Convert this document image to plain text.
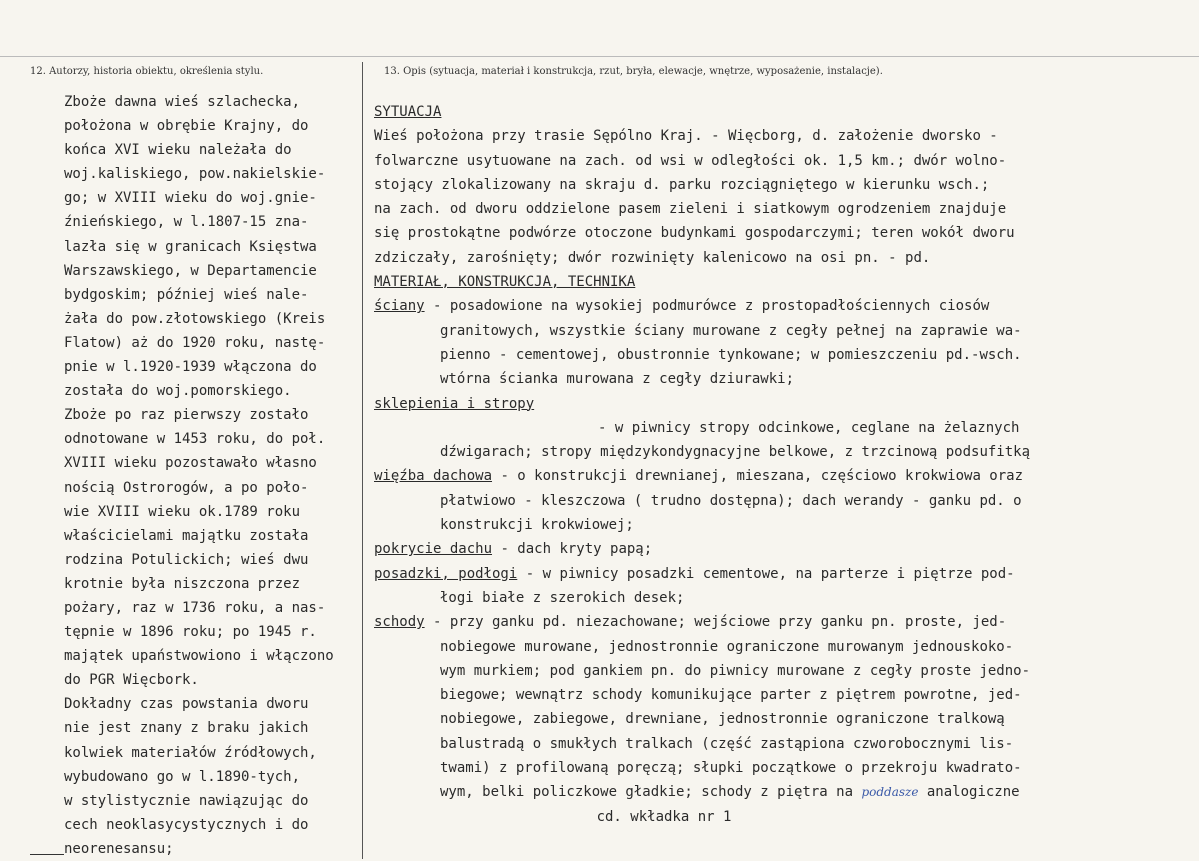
12. Autorzy, historia obiektu, określenia stylu.	13. Opis (sytuacja, materiał i konstrukcja, rzut, bryła, elewacje, wnętrze, wyposażenie, instalacje).
Zboże dawna wieś szlachecka,
położona w obrębie Krajny, do
końca XVI wieku należała do
woj.kaliskiego, pow.nakielskie-
go; w XVIII wieku do woj.gnie-
źnieńskiego, w l.1807-15 zna-
lazła się w granicach Księstwa
Warszawskiego, w Departamencie
bydgoskim; później wieś nale-
żała do pow.złotowskiego (Kreis
Flatow) aż do 1920 roku, nastę-
pnie w l.1920-1939 włączona do
została do woj.pomorskiego.
Zboże po raz pierwszy zostało
odnotowane w 1453 roku, do poł.
XVIII wieku pozostawało własno
nością Ostrorogów, a po poło-
wie XVIII wieku ok.1789 roku
właścicielami majątku została
rodzina Potulickich; wieś dwu
krotnie była niszczona przez
pożary, raz w 1736 roku, a nas-
tępnie w 1896 roku; po 1945 r.
majątek upaństwowiono i włączono
do PGR Więcbork.
Dokładny czas powstania dworu
nie jest znany z braku jakich
kolwiek materiałów źródłowych,
wybudowano go w l.1890-tych,
w stylistycznie nawiązując do
cech neoklasycystycznych i do
neorenesansu;
SYTUACJA
Wieś położona przy trasie Sępólno Kraj. - Więcborg, d. założenie dworsko -
folwarczne usytuowane na zach. od wsi w odległości ok. 1,5 km.; dwór wolno-
stojący zlokalizowany na skraju d. parku rozciągniętego w kierunku wsch.;
na zach. od dworu oddzielone pasem zieleni i siatkowym ogrodzeniem znajduje
się prostokątne podwórze otoczone budynkami gospodarczymi; teren wokół dworu
zdziczały, zarośnięty; dwór rozwinięty kalenicowo na osi pn. - pd.
MATERIAŁ, KONSTRUKCJA, TECHNIKA
ściany - posadowione na wysokiej podmurówce z prostopadłościennych ciosów
granitowych, wszystkie ściany murowane z cegły pełnej na zaprawie wa-
pienno - cementowej, obustronnie tynkowane; w pomieszczeniu pd.-wsch.
wtórna ścianka murowana z cegły dziurawki;
sklepienia i stropy
- w piwnicy stropy odcinkowe, ceglane na żelaznych
dźwigarach; stropy międzykondygnacyjne belkowe, z trzcinową podsufitką
więźba dachowa - o konstrukcji drewnianej, mieszana, częściowo krokwiowa oraz
płatwiowo - kleszczowa ( trudno dostępna); dach werandy - ganku pd. o
konstrukcji krokwiowej;
pokrycie dachu - dach kryty papą;
posadzki, podłogi - w piwnicy posadzki cementowe, na parterze i piętrze pod-
łogi białe z szerokich desek;
schody - przy ganku pd. niezachowane; wejściowe przy ganku pn. proste, jed-
nobiegowe murowane, jednostronnie ograniczone murowanym jednouskoko-
wym murkiem; pod gankiem pn. do piwnicy murowane z cegły proste jedno-
biegowe; wewnątrz schody komunikujące parter z piętrem powrotne, jed-
nobiegowe, zabiegowe, drewniane, jednostronnie ograniczone tralkową
balustradą o smukłych tralkach (część zastąpiona czworobocznymi lis-
twami) z profilowaną poręczą; słupki początkowe o przekroju kwadrato-
wym, belki policzkowe gładkie; schody z piętra na poddasze analogiczne
cd. wkładka nr 1
